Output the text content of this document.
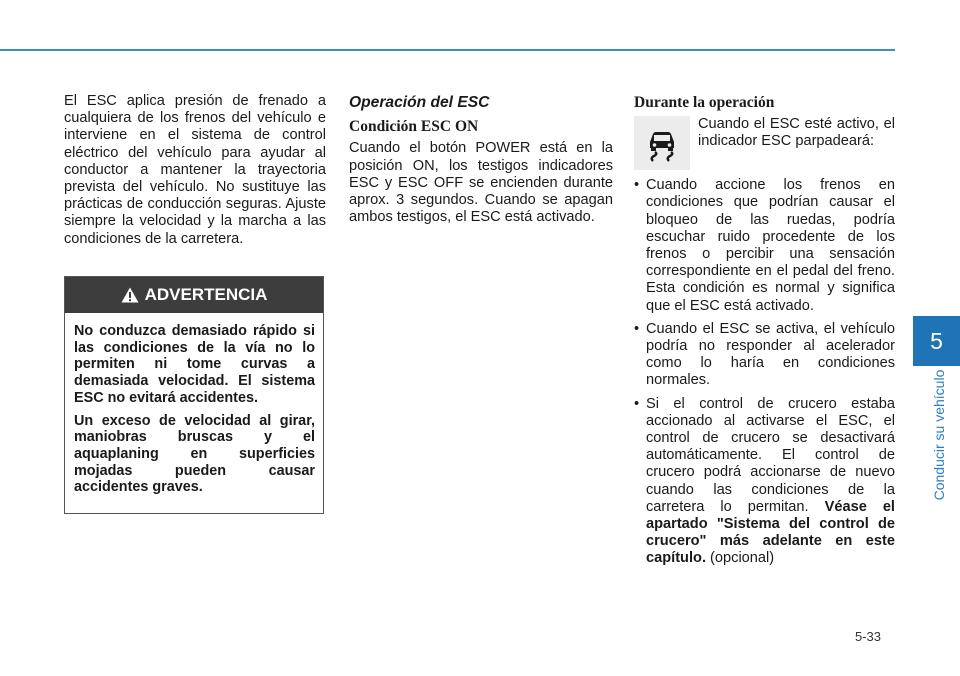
El ESC aplica presión de frenado a cualquiera de los frenos del vehículo e interviene en el sistema de control eléctrico del vehículo para ayudar al conductor a mantener la trayectoria prevista del vehículo. No sustituye las prácticas de conducción seguras. Ajuste siempre la velocidad y la marcha a las condiciones de la carretera.

ADVERTENCIA

No conduzca demasiado rápido si las condiciones de la vía no lo permiten ni tome curvas a demasiada velocidad. El sistema ESC no evitará accidentes.

Un exceso de velocidad al girar, maniobras bruscas y el aquaplaning en superficies mojadas pueden causar accidentes graves.

Operación del ESC
Condición ESC ON

Cuando el botón POWER está en la posición ON, los testigos indicadores ESC y ESC OFF se encienden durante aprox. 3 segundos. Cuando se apagan ambos testigos, el ESC está activado.

Durante la operación

Cuando el ESC esté activo, el indicador ESC parpadeará:

• Cuando accione los frenos en condiciones que podrían causar el bloqueo de las ruedas, podría escuchar ruido procedente de los frenos o percibir una sensación correspondiente en el pedal del freno. Esta condición es normal y significa que el ESC está activado.
• Cuando el ESC se activa, el vehículo podría no responder al acelerador como lo haría en condiciones normales.
• Si el control de crucero estaba accionado al activarse el ESC, el control de crucero se desactivará automáticamente. El control de crucero podrá accionarse de nuevo cuando las condiciones de la carretera lo permitan. Véase el apartado "Sistema del control de crucero" más adelante en este capítulo. (opcional)
5
Conducir su vehículo
5-33
